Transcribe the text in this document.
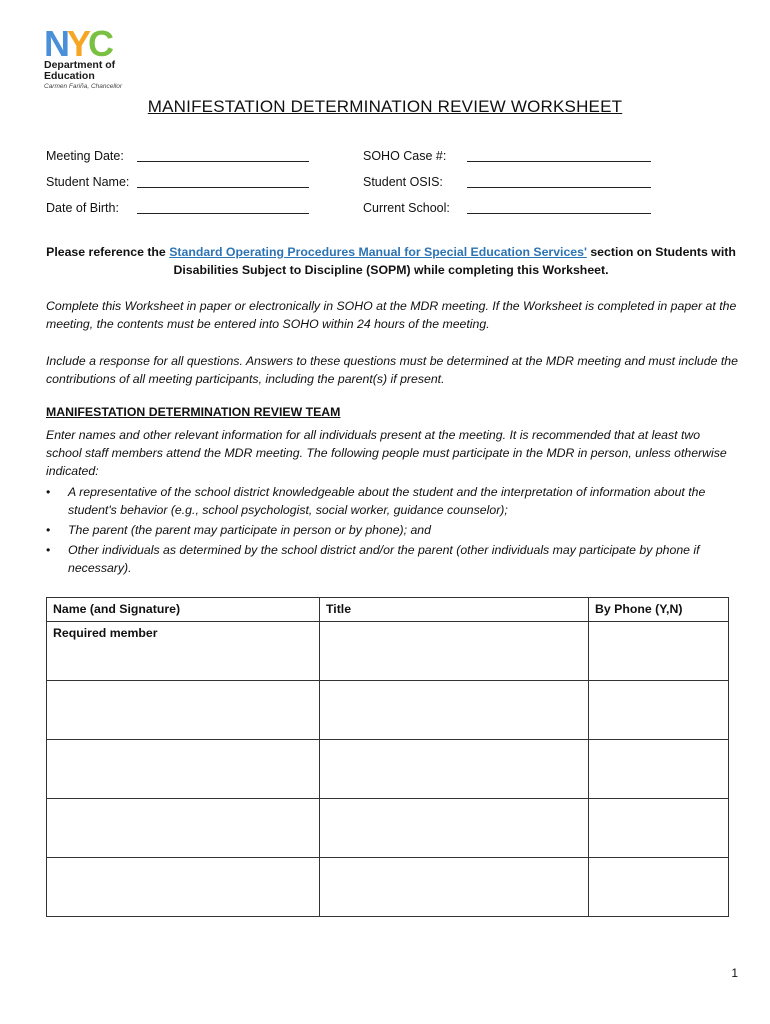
NYC
Department of
Education
Carmen Fariña, Chancellor
MANIFESTATION DETERMINATION REVIEW WORKSHEET
Meeting Date:
Student Name:
Date of Birth:
SOHO Case #:
Student OSIS:
Current School:
Please reference the Standard Operating Procedures Manual for Special Education Services' section on Students with Disabilities Subject to Discipline (SOPM) while completing this Worksheet.
Complete this Worksheet in paper or electronically in SOHO at the MDR meeting. If the Worksheet is completed in paper at the meeting, the contents must be entered into SOHO within 24 hours of the meeting.
Include a response for all questions. Answers to these questions must be determined at the MDR meeting and must include the contributions of all meeting participants, including the parent(s) if present.
MANIFESTATION DETERMINATION REVIEW TEAM
Enter names and other relevant information for all individuals present at the meeting. It is recommended that at least two school staff members attend the MDR meeting. The following people must participate in the MDR in person, unless otherwise indicated:
• A representative of the school district knowledgeable about the student and the interpretation of information about the student's behavior (e.g., school psychologist, social worker, guidance counselor);
• The parent (the parent may participate in person or by phone); and
• Other individuals as determined by the school district and/or the parent (other individuals may participate by phone if necessary).
Name (and Signature)	Title	By Phone (Y,N)
Required member		

1
